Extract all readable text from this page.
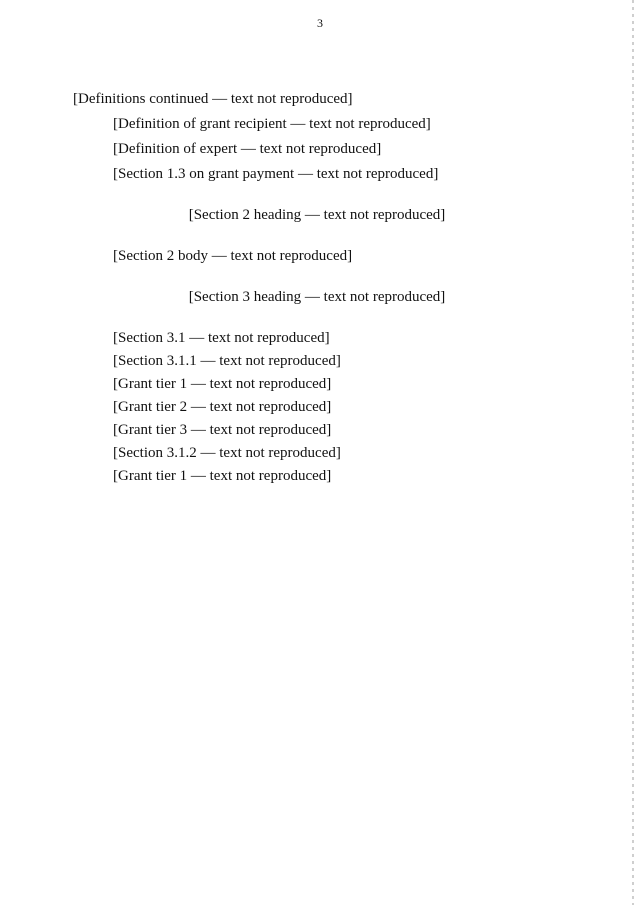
3

[Definitions continued — text not reproduced]

[Definition of grant recipient — text not reproduced]

[Definition of expert — text not reproduced]

[Section 1.3 on grant payment — text not reproduced]

[Section 2 heading — text not reproduced]

[Section 2 body — text not reproduced]

[Section 3 heading — text not reproduced]

[Section 3.1 — text not reproduced]

[Section 3.1.1 — text not reproduced]

[Grant tier 1 — text not reproduced]

[Grant tier 2 — text not reproduced]

[Grant tier 3 — text not reproduced]

[Section 3.1.2 — text not reproduced]

[Grant tier 1 — text not reproduced]
